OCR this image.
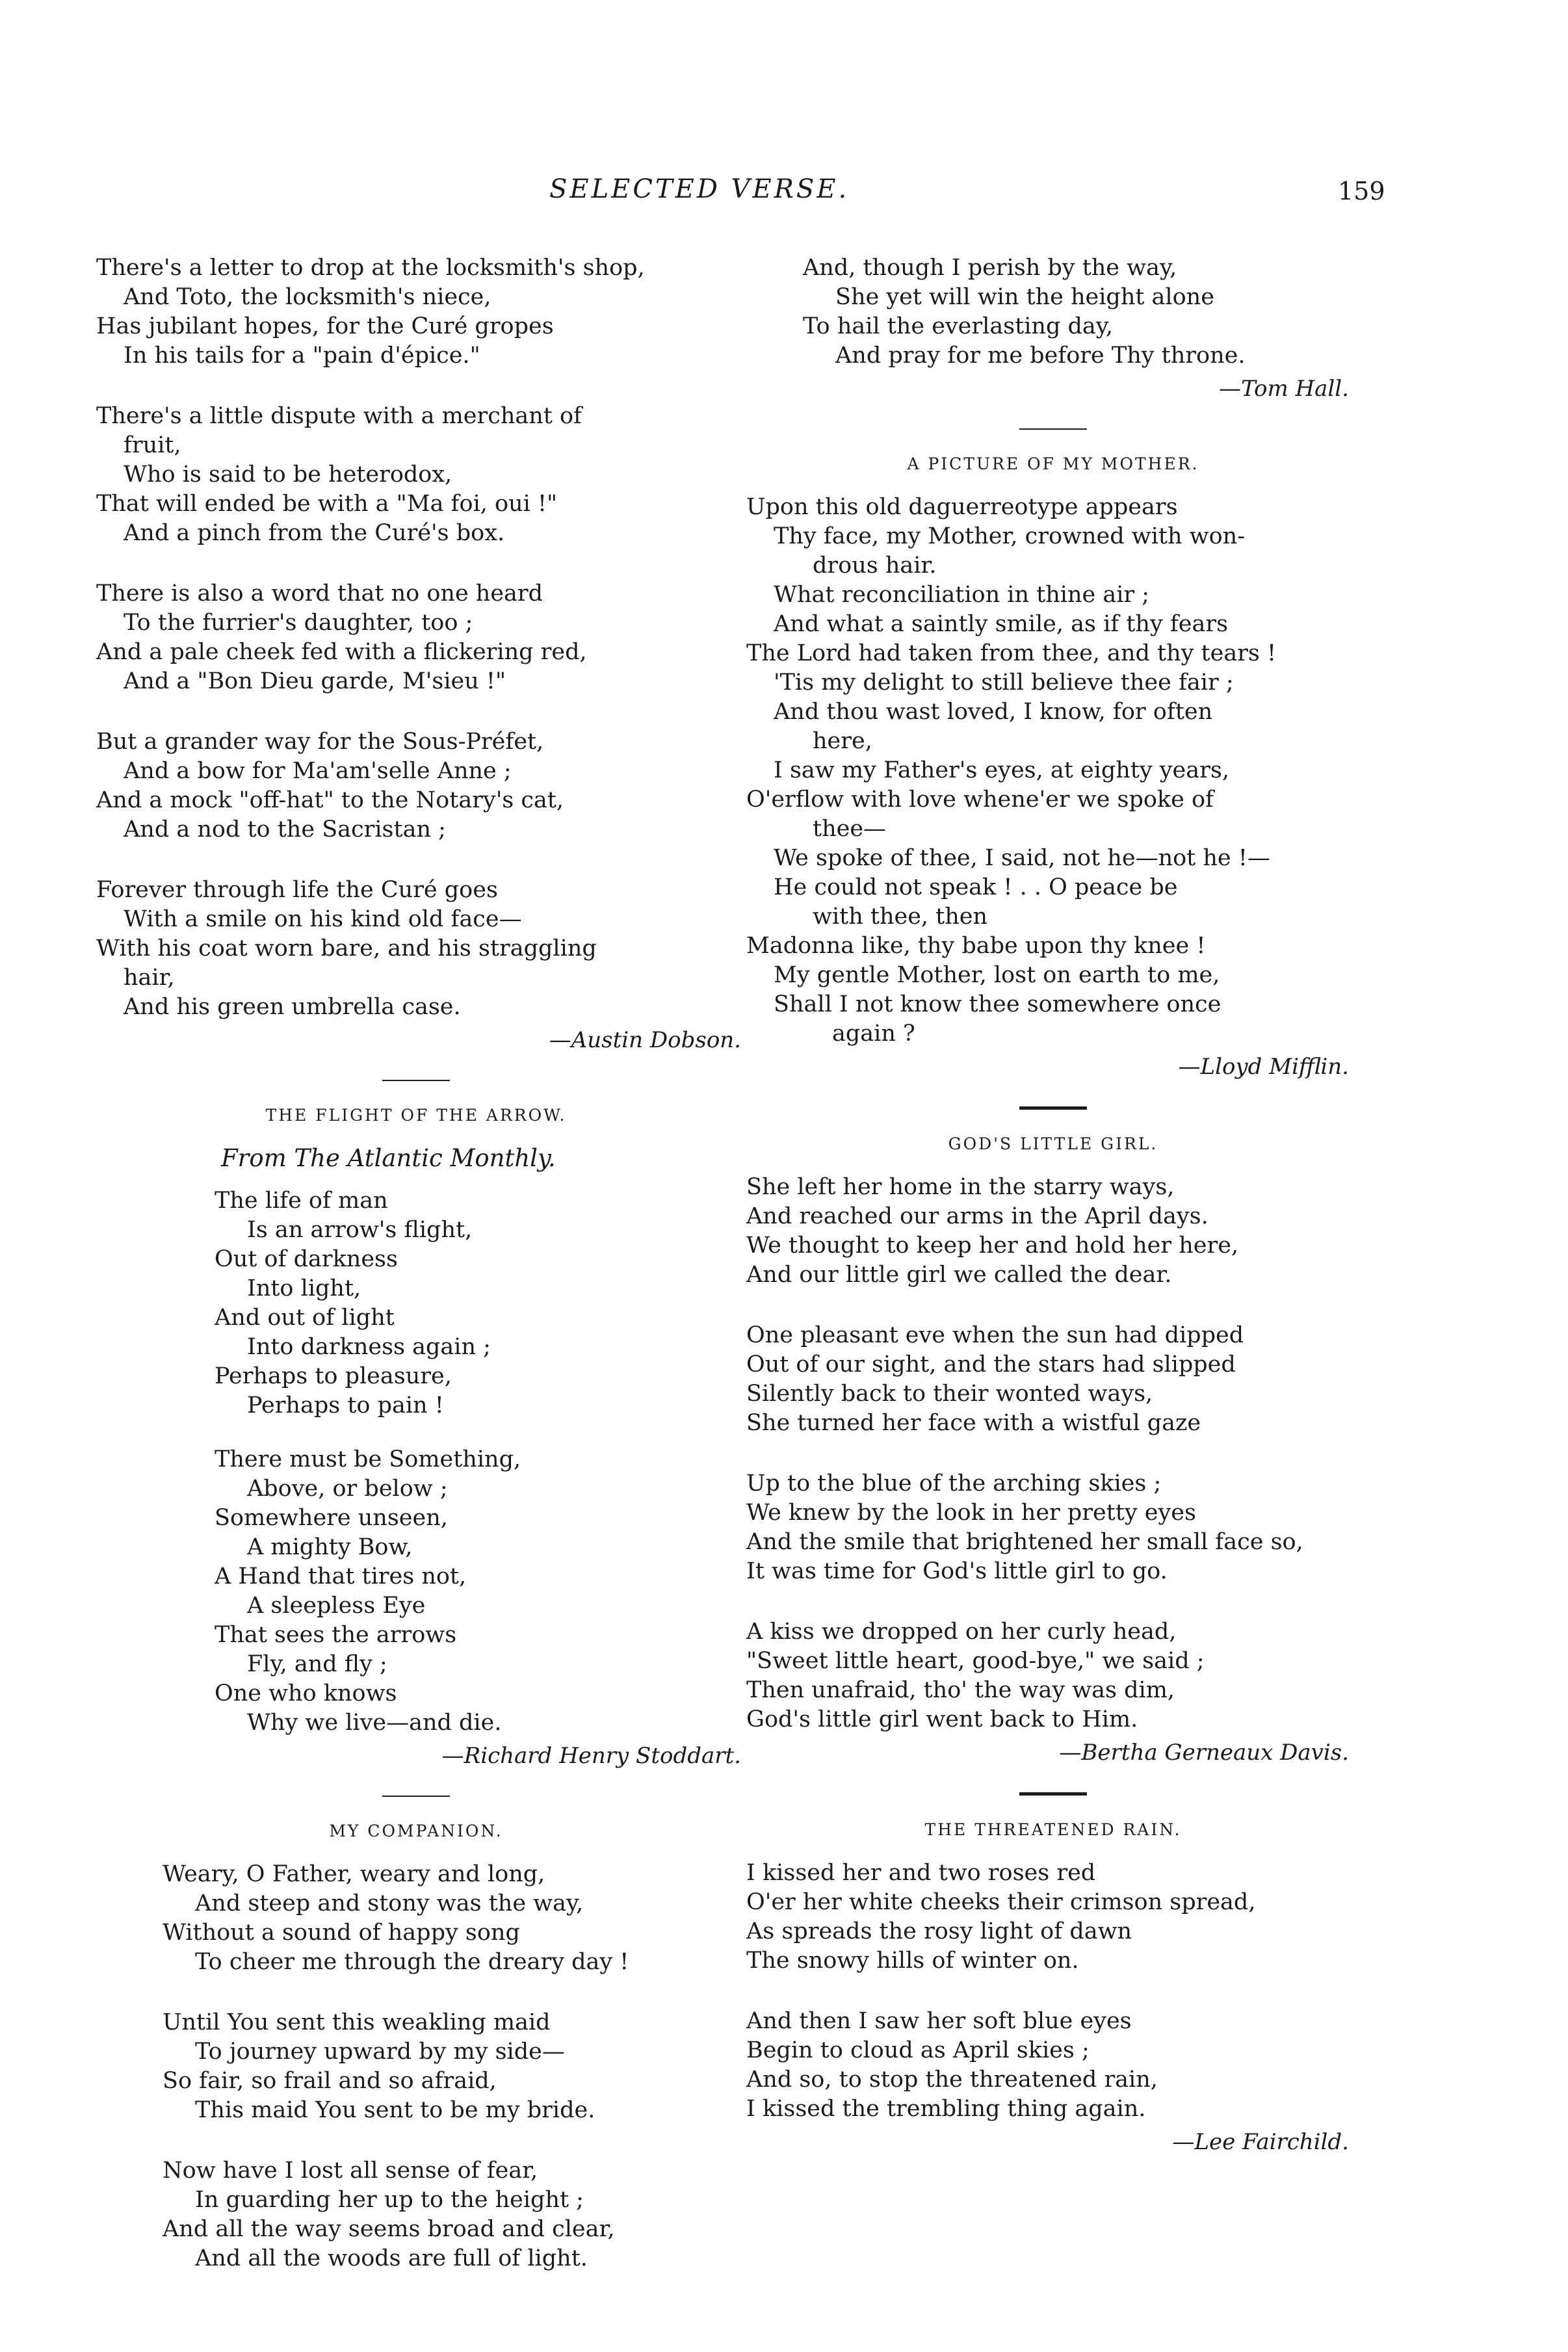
SELECTED VERSE.	159
There's a letter to drop at the locksmith's shop,
And Toto, the locksmith's niece,
Has jubilant hopes, for the Curé gropes
In his tails for a "pain d'épice."
There's a little dispute with a merchant of
fruit,
Who is said to be heterodox,
That will ended be with a "Ma foi, oui !"
And a pinch from the Curé's box.
There is also a word that no one heard
To the furrier's daughter, too ;
And a pale cheek fed with a flickering red,
And a "Bon Dieu garde, M'sieu !"
But a grander way for the Sous-Préfet,
And a bow for Ma'am'selle Anne ;
And a mock "off-hat" to the Notary's cat,
And a nod to the Sacristan ;
Forever through life the Curé goes
With a smile on his kind old face—
With his coat worn bare, and his straggling
hair,
And his green umbrella case.
—Austin Dobson.
THE FLIGHT OF THE ARROW.
From The Atlantic Monthly.
The life of man
Is an arrow's flight,
Out of darkness
Into light,
And out of light
Into darkness again ;
Perhaps to pleasure,
Perhaps to pain !
There must be Something,
Above, or below ;
Somewhere unseen,
A mighty Bow,
A Hand that tires not,
A sleepless Eye
That sees the arrows
Fly, and fly ;
One who knows
Why we live—and die.
—Richard Henry Stoddart.
MY COMPANION.
Weary, O Father, weary and long,
And steep and stony was the way,
Without a sound of happy song
To cheer me through the dreary day !
Until You sent this weakling maid
To journey upward by my side—
So fair, so frail and so afraid,
This maid You sent to be my bride.
Now have I lost all sense of fear,
In guarding her up to the height ;
And all the way seems broad and clear,
And all the woods are full of light.
And, though I perish by the way,
She yet will win the height alone
To hail the everlasting day,
And pray for me before Thy throne.
—Tom Hall.
A PICTURE OF MY MOTHER.
Upon this old daguerreotype appears
Thy face, my Mother, crowned with won-
drous hair.
What reconciliation in thine air ;
And what a saintly smile, as if thy fears
The Lord had taken from thee, and thy tears !
'Tis my delight to still believe thee fair ;
And thou wast loved, I know, for often
here,
I saw my Father's eyes, at eighty years,
O'erflow with love whene'er we spoke of
thee—
We spoke of thee, I said, not he—not he !—
He could not speak ! . . O peace be
with thee, then
Madonna like, thy babe upon thy knee !
My gentle Mother, lost on earth to me,
Shall I not know thee somewhere once
again ?
—Lloyd Mifflin.
GOD'S LITTLE GIRL.
She left her home in the starry ways,
And reached our arms in the April days.
We thought to keep her and hold her here,
And our little girl we called the dear.
One pleasant eve when the sun had dipped
Out of our sight, and the stars had slipped
Silently back to their wonted ways,
She turned her face with a wistful gaze
Up to the blue of the arching skies ;
We knew by the look in her pretty eyes
And the smile that brightened her small face so,
It was time for God's little girl to go.
A kiss we dropped on her curly head,
"Sweet little heart, good-bye," we said ;
Then unafraid, tho' the way was dim,
God's little girl went back to Him.
—Bertha Gerneaux Davis.
THE THREATENED RAIN.
I kissed her and two roses red
O'er her white cheeks their crimson spread,
As spreads the rosy light of dawn
The snowy hills of winter on.
And then I saw her soft blue eyes
Begin to cloud as April skies ;
And so, to stop the threatened rain,
I kissed the trembling thing again.
—Lee Fairchild.
